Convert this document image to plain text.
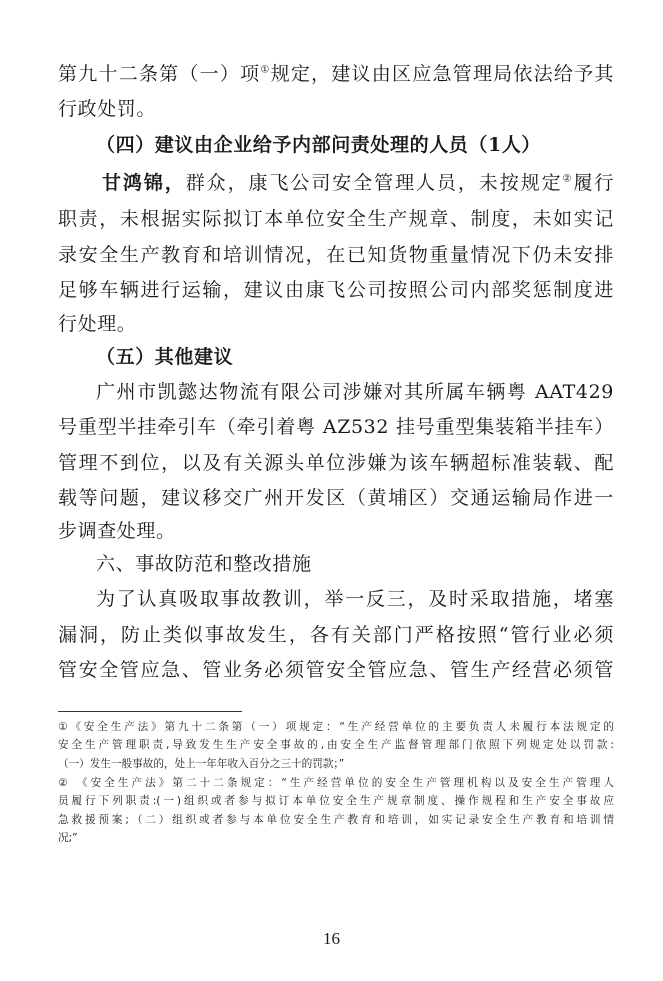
第九十二条第（一）项①规定，建议由区应急管理局依法给予其
行政处罚。
（四）建议由企业给予内部问责处理的人员（1人）
甘鸿锦，群众，康飞公司安全管理人员，未按规定②履行
职责，未根据实际拟订本单位安全生产规章、制度，未如实记
录安全生产教育和培训情况，在已知货物重量情况下仍未安排
足够车辆进行运输，建议由康飞公司按照公司内部奖惩制度进
行处理。
（五）其他建议
广州市凯懿达物流有限公司涉嫌对其所属车辆粤 AAT429
号重型半挂牵引车（牵引着粤 AZ532 挂号重型集装箱半挂车）
管理不到位，以及有关源头单位涉嫌为该车辆超标准装载、配
载等问题，建议移交广州开发区（黄埔区）交通运输局作进一
步调查处理。
六、事故防范和整改措施
为了认真吸取事故教训，举一反三，及时采取措施，堵塞
漏洞，防止类似事故发生，各有关部门严格按照“管行业必须
管安全管应急、管业务必须管安全管应急、管生产经营必须管
①《安全生产法》第九十二条第（一）项规定：“生产经营单位的主要负责人未履行本法规定的
安全生产管理职责,导致发生生产安全事故的,由安全生产监督管理部门依照下列规定处以罚款:
（一）发生一般事故的，处上一年年收入百分之三十的罚款；”
② 《安全生产法》第二十二条规定：“生产经营单位的安全生产管理机构以及安全生产管理人
员履行下列职责:(一)组织或者参与拟订本单位安全生产规章制度、操作规程和生产安全事故应
急救援预案;（二）组织或者参与本单位安全生产教育和培训，如实记录安全生产教育和培训情
况;”
16
